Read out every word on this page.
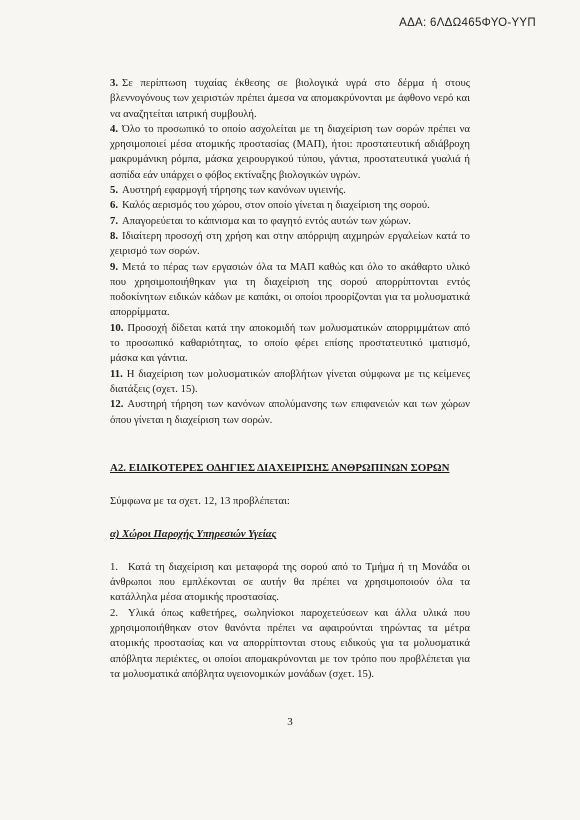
ΑΔΑ: 6ΛΔΩ465ΦΥΟ-ΥΥΠ

3. Σε περίπτωση τυχαίας έκθεσης σε βιολογικά υγρά στο δέρμα ή στους βλεννογόνους των χειριστών πρέπει άμεσα να απομακρύνονται με άφθονο νερό και να αναζητείται ιατρική συμβουλή.

4. Όλο το προσωπικό το οποίο ασχολείται με τη διαχείριση των σορών πρέπει να χρησιμοποιεί μέσα ατομικής προστασίας (ΜΑΠ), ήτοι: προστατευτική αδιάβροχη μακρυμάνικη ρόμπα, μάσκα χειρουργικού τύπου, γάντια, προστατευτικά γυαλιά ή ασπίδα εάν υπάρχει ο φόβος εκτίναξης βιολογικών υγρών.

5. Αυστηρή εφαρμογή τήρησης των κανόνων υγιεινής.

6. Καλός αερισμός του χώρου, στον οποίο γίνεται η διαχείριση της σορού.

7. Απαγορεύεται το κάπνισμα και το φαγητό εντός αυτών των χώρων.

8. Ιδιαίτερη προσοχή στη χρήση και στην απόρριψη αιχμηρών εργαλείων κατά το χειρισμό των σορών.

9. Μετά το πέρας των εργασιών όλα τα ΜΑΠ καθώς και όλο το ακάθαρτο υλικό που χρησιμοποιήθηκαν για τη διαχείριση της σορού απορρίπτονται εντός ποδοκίνητων ειδικών κάδων με καπάκι, οι οποίοι προορίζονται για τα μολυσματικά απορρίμματα.

10. Προσοχή δίδεται κατά την αποκομιδή των μολυσματικών απορριμμάτων από το προσωπικό καθαριότητας, το οποίο φέρει επίσης προστατευτικό ιματισμό, μάσκα και γάντια.

11. Η διαχείριση των μολυσματικών αποβλήτων γίνεται σύμφωνα με τις κείμενες διατάξεις (σχετ. 15).

12. Αυστηρή τήρηση των κανόνων απολύμανσης των επιφανειών και των χώρων όπου γίνεται η διαχείριση των σορών.

Α2. ΕΙΔΙΚΟΤΕΡΕΣ ΟΔΗΓΙΕΣ ΔΙΑΧΕΙΡΙΣΗΣ ΑΝΘΡΩΠΙΝΩΝ ΣΟΡΩΝ
Σύμφωνα με τα σχετ. 12, 13 προβλέπεται:
α) Χώροι Παροχής Υπηρεσιών Υγείας

1. Κατά τη διαχείριση και μεταφορά της σορού από το Τμήμα ή τη Μονάδα οι άνθρωποι που εμπλέκονται σε αυτήν θα πρέπει να χρησιμοποιούν όλα τα κατάλληλα μέσα ατομικής προστασίας.

2. Υλικά όπως καθετήρες, σωληνίσκοι παροχετεύσεων και άλλα υλικά που χρησιμοποιήθηκαν στον θανόντα πρέπει να αφαιρούνται τηρώντας τα μέτρα ατομικής προστασίας και να απορρίπτονται στους ειδικούς για τα μολυσματικά απόβλητα περιέκτες, οι οποίοι απομακρύνονται με τον τρόπο που προβλέπεται για τα μολυσματικά απόβλητα υγειονομικών μονάδων (σχετ. 15).

3
